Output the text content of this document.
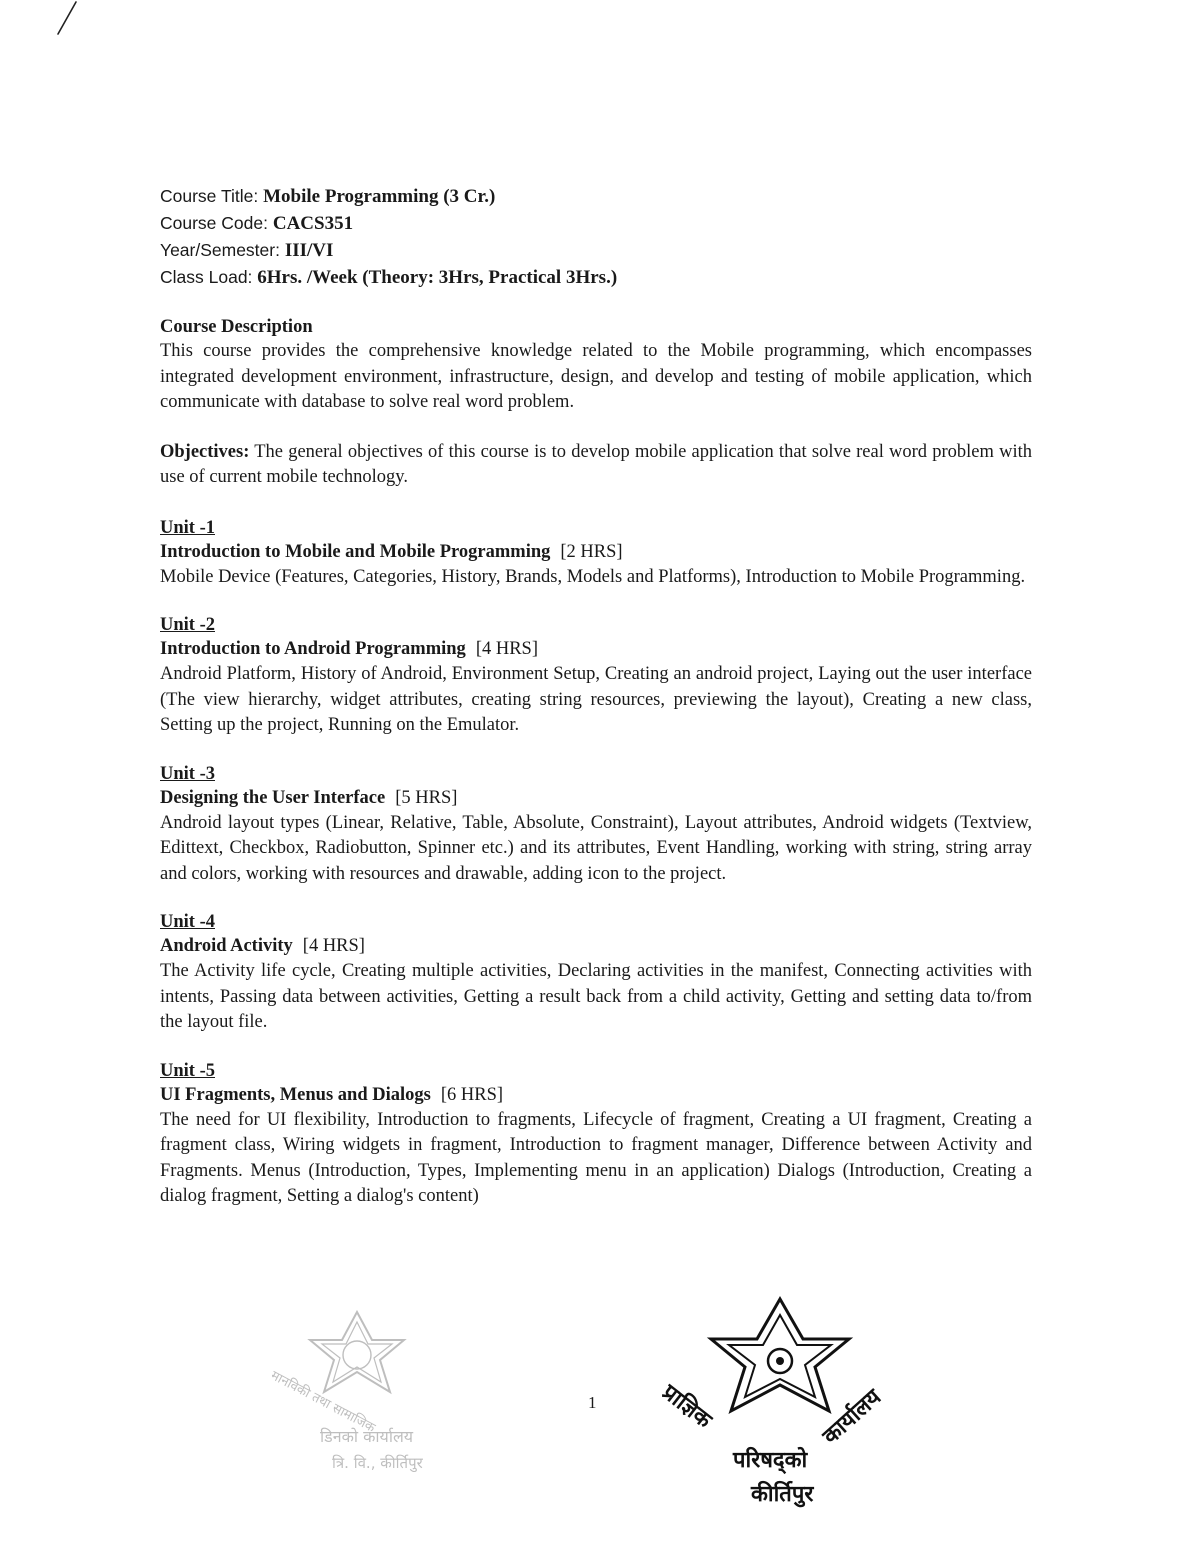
Course Title: Mobile Programming (3 Cr.)

Course Code: CACS351

Year/Semester: III/VI

Class Load: 6Hrs. /Week (Theory: 3Hrs, Practical 3Hrs.)

Course Description

This course provides the comprehensive knowledge related to the Mobile programming, which encompasses integrated development environment, infrastructure, design, and develop and testing of mobile application, which communicate with database to solve real word problem.

Objectives: The general objectives of this course is to develop mobile application that solve real word problem with use of current mobile technology.

Unit -1

Introduction to Mobile and Mobile Programming [2 HRS]

Mobile Device (Features, Categories, History, Brands, Models and Platforms), Introduction to Mobile Programming.

Unit -2

Introduction to Android Programming [4 HRS]

Android Platform, History of Android, Environment Setup, Creating an android project, Laying out the user interface (The view hierarchy, widget attributes, creating string resources, previewing the layout), Creating a new class, Setting up the project, Running on the Emulator.

Unit -3

Designing the User Interface [5 HRS]

Android layout types (Linear, Relative, Table, Absolute, Constraint), Layout attributes, Android widgets (Textview, Edittext, Checkbox, Radiobutton, Spinner etc.) and its attributes, Event Handling, working with string, string array and colors, working with resources and drawable, adding icon to the project.

Unit -4

Android Activity [4 HRS]

The Activity life cycle, Creating multiple activities, Declaring activities in the manifest, Connecting activities with intents, Passing data between activities, Getting a result back from a child activity, Getting and setting data to/from the layout file.

Unit -5

UI Fragments, Menus and Dialogs [6 HRS]

The need for UI flexibility, Introduction to fragments, Lifecycle of fragment, Creating a UI fragment, Creating a fragment class, Wiring widgets in fragment, Introduction to fragment manager, Difference between Activity and Fragments. Menus (Introduction, Types, Implementing menu in an application) Dialogs (Introduction, Creating a dialog fragment, Setting a dialog's content)

मानविकी तथा सामाजिक
डिनको कार्यालय
त्रि. वि., कीर्तिपुर
1	प्राज्ञिक
परिषद्को
कार्यालय
कीर्तिपुर
